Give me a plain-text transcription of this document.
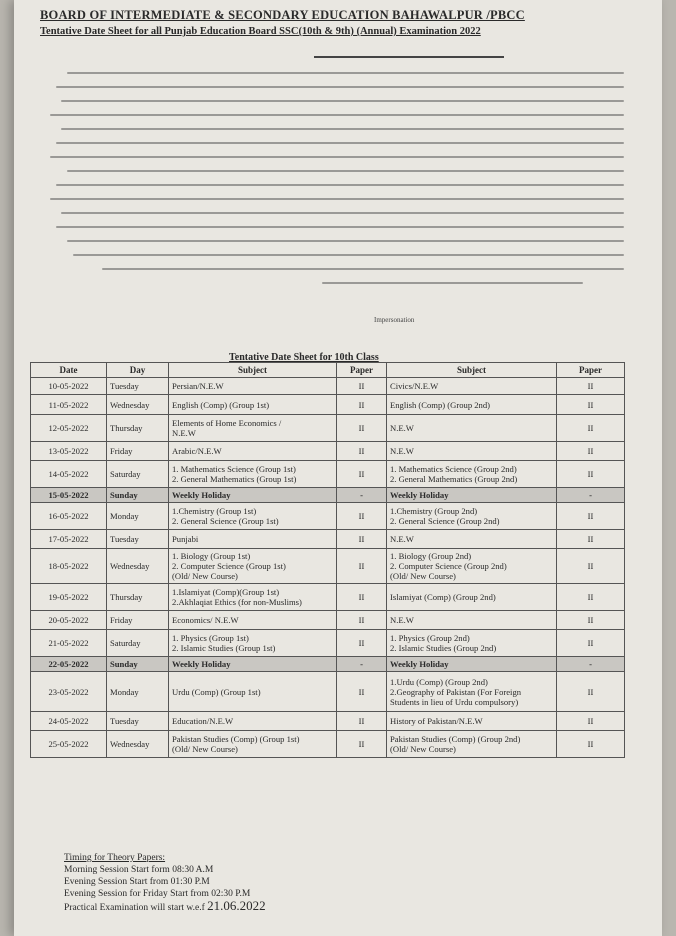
BOARD OF INTERMEDIATE & SECONDARY EDUCATION BAHAWALPUR /PBCC
Tentative Date Sheet for all Punjab Education Board SSC(10th & 9th) (Annual) Examination 2022
Impersonation
Tentative Date Sheet for 10th Class
Date	Day	Subject	Paper	Subject	Paper
10-05-2022	Tuesday	Persian/N.E.W	II	Civics/N.E.W	II
11-05-2022	Wednesday	English (Comp) (Group 1st)	II	English (Comp) (Group 2nd)	II
12-05-2022	Thursday	Elements of Home Economics /
N.E.W	II	N.E.W	II
13-05-2022	Friday	Arabic/N.E.W	II	N.E.W	II
14-05-2022	Saturday	1. Mathematics Science (Group 1st)
2. General Mathematics (Group 1st)	II	1. Mathematics Science (Group 2nd)
2. General Mathematics (Group 2nd)	II
15-05-2022	Sunday	Weekly Holiday	-	Weekly Holiday	-
16-05-2022	Monday	1.Chemistry (Group 1st)
2. General Science (Group 1st)	II	1.Chemistry (Group 2nd)
2. General Science (Group 2nd)	II
17-05-2022	Tuesday	Punjabi	II	N.E.W	II
18-05-2022	Wednesday	1. Biology (Group 1st)
2. Computer Science (Group 1st)
(Old/ New Course)	II	1. Biology (Group 2nd)
2. Computer Science (Group 2nd)
(Old/ New Course)	II
19-05-2022	Thursday	1.Islamiyat (Comp)(Group 1st)
2.Akhlaqiat Ethics (for non-Muslims)	II	Islamiyat (Comp) (Group 2nd)	II
20-05-2022	Friday	Economics/ N.E.W	II	N.E.W	II
21-05-2022	Saturday	1. Physics (Group 1st)
2. Islamic Studies (Group 1st)	II	1. Physics (Group 2nd)
2. Islamic Studies (Group 2nd)	II
22-05-2022	Sunday	Weekly Holiday	-	Weekly Holiday	-
23-05-2022	Monday	Urdu (Comp) (Group 1st)	II	1.Urdu (Comp) (Group 2nd)
2.Geography of Pakistan (For Foreign
Students in lieu of Urdu compulsory)	II
24-05-2022	Tuesday	Education/N.E.W	II	History of Pakistan/N.E.W	II
25-05-2022	Wednesday	Pakistan Studies (Comp) (Group 1st)
(Old/ New Course)	II	Pakistan Studies (Comp) (Group 2nd)
(Old/ New Course)	II
Timing for Theory Papers:
Morning Session Start form 08:30 A.M
Evening Session Start from 01:30 P.M
Evening Session for Friday Start from 02:30 P.M
Practical Examination will start w.e.f 21.06.2022
